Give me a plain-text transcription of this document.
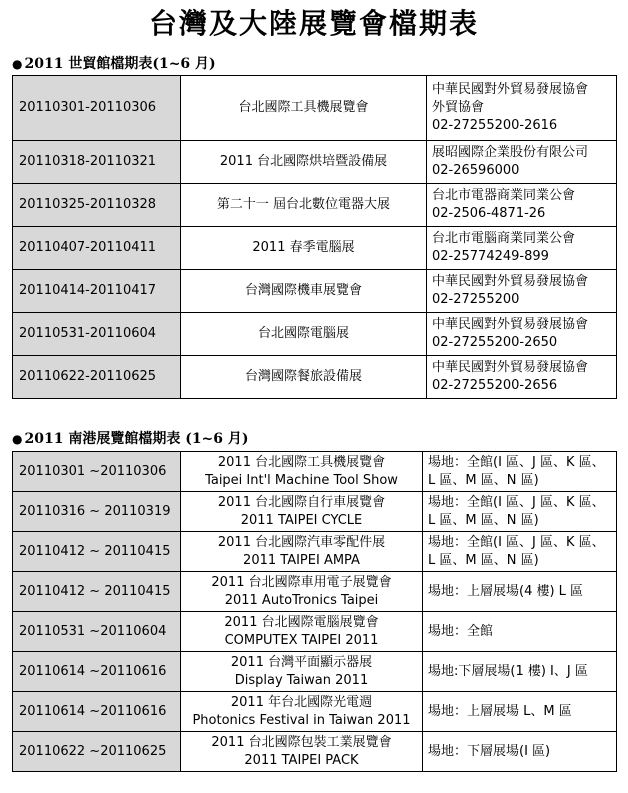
台灣及大陸展覽會檔期表
● 2011 世貿館檔期表(1~6 月)
20110301-20110306	台北國際工具機展覽會	中華民國對外貿易發展協會
外貿協會
02-27255200-2616

20110318-20110321	2011 台北國際烘培暨設備展	展昭國際企業股份有限公司
02-26596000

20110325-20110328	第二十一 屆台北數位電器大展	台北市電器商業同業公會
02-2506-4871-26

20110407-20110411	2011 春季電腦展	台北市電腦商業同業公會
02-25774249-899

20110414-20110417	台灣國際機車展覽會	中華民國對外貿易發展協會
02-27255200

20110531-20110604	台北國際電腦展	中華民國對外貿易發展協會
02-27255200-2650

20110622-20110625	台灣國際餐旅設備展	中華民國對外貿易發展協會
02-27255200-2656
● 2011 南港展覽館檔期表 (1~6 月)
20110301 ~20110306	2011 台北國際工具機展覽會
Taipei Int'l Machine Tool Show	場地：全館(I 區、J 區、K 區、
L 區、M 區、N 區)

20110316 ~ 20110319	2011 台北國際自行車展覽會
2011 TAIPEI CYCLE	場地：全館(I 區、J 區、K 區、
L 區、M 區、N 區)

20110412 ~ 20110415	2011 台北國際汽車零配件展
2011 TAIPEI AMPA	場地：全館(I 區、J 區、K 區、
L 區、M 區、N 區)

20110412 ~ 20110415	2011 台北國際車用電子展覽會
2011 AutoTronics Taipei	場地：上層展場(4 樓) L 區

20110531 ~20110604	2011 台北國際電腦展覽會
COMPUTEX TAIPEI 2011	場地：全館

20110614 ~20110616	2011 台灣平面顯示器展
Display Taiwan 2011	場地:下層展場(1 樓) I、J 區

20110614 ~20110616	2011 年台北國際光電週
Photonics Festival in Taiwan 2011	場地：上層展場 L、M 區

20110622 ~20110625	2011 台北國際包裝工業展覽會
2011 TAIPEI PACK	場地：下層展場(I 區)
